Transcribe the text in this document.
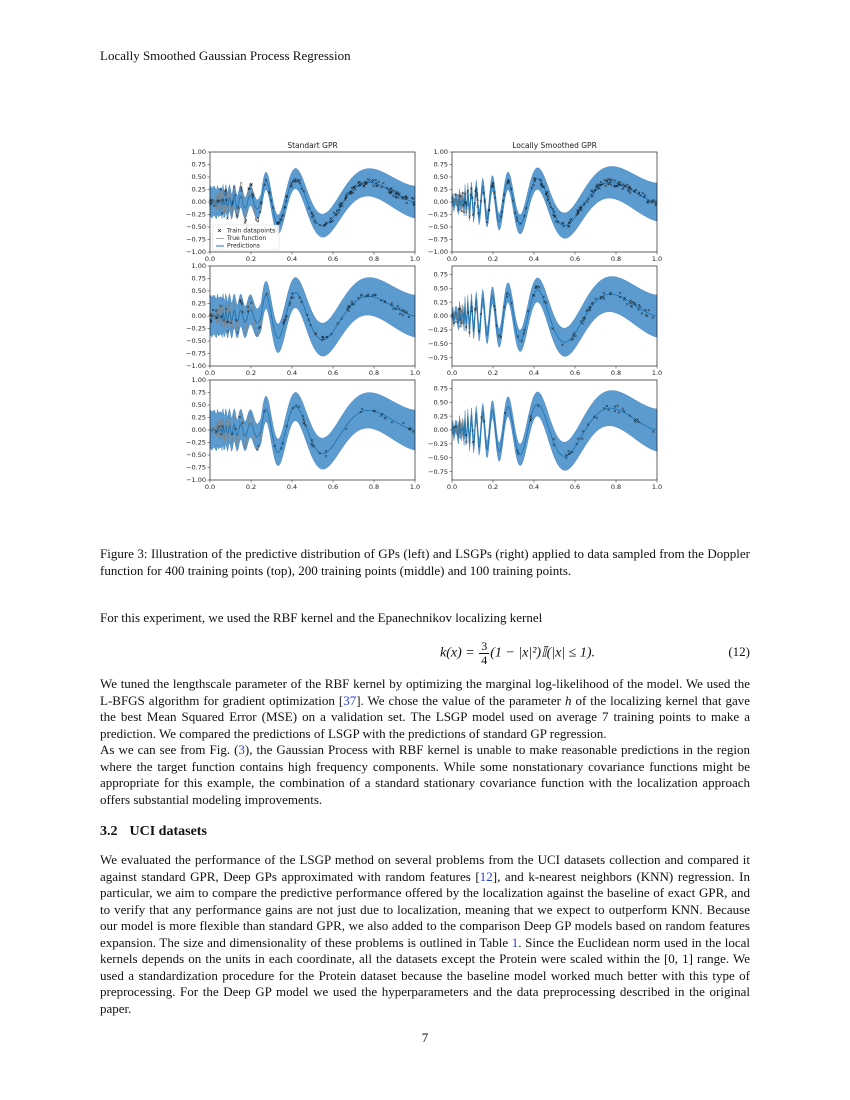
Locally Smoothed Gaussian Process Regression
0.0	0.2	0.4	0.6	0.8	1.0
1.00
0.75
0.50
0.25
0.00
−0.25
−0.50
−0.75
−1.00
Standart GPR
Train datapoints
True function
Predictions
0.0	0.2	0.4	0.6	0.8	1.0
1.00
0.75
0.50
0.25
0.00
−0.25
−0.50
−0.75
−1.00
Locally Smoothed GPR
0.0	0.2	0.4	0.6	0.8	1.0
1.00
0.75
0.50
0.25
0.00
−0.25
−0.50
−0.75
−1.00
0.0	0.2	0.4	0.6	0.8	1.0
0.75
0.50
0.25
0.00
−0.25
−0.50
−0.75
0.0	0.2	0.4	0.6	0.8	1.0
1.00
0.75
0.50
0.25
0.00
−0.25
−0.50
−0.75
−1.00
0.0	0.2	0.4	0.6	0.8	1.0
0.75
0.50
0.25
0.00
−0.25
−0.50
−0.75
Figure 3: Illustration of the predictive distribution of GPs (left) and LSGPs (right) applied to data sampled from the Doppler function for 400 training points (top), 200 training points (middle) and 100 training points.
For this experiment, we used the RBF kernel and the Epanechnikov localizing kernel
$k(x) = \frac{3}{4} (1$ − |x|²)𝕀(|x| ≤ 1).	(12)
We tuned the lengthscale parameter of the RBF kernel by optimizing the marginal log-likelihood of the model. We used the L-BFGS algorithm for gradient optimization [37]. We chose the value of the parameter h of the localizing kernel that gave the best Mean Squared Error (MSE) on a validation set. The LSGP model used on average 7 training points to make a prediction. We compared the predictions of LSGP with the predictions of standard GP regression.
As we can see from Fig. (3), the Gaussian Process with RBF kernel is unable to make reasonable predictions in the region where the target function contains high frequency components. While some nonstationary covariance functions might be appropriate for this example, the combination of a standard stationary covariance function with the localization approach offers substantial modeling improvements.
3.2 UCI datasets
We evaluated the performance of the LSGP method on several problems from the UCI datasets collection and compared it against standard GPR, Deep GPs approximated with random features [12], and k-nearest neighbors (KNN) regression. In particular, we aim to compare the predictive performance offered by the localization against the baseline of exact GPR, and to verify that any performance gains are not just due to localization, meaning that we expect to outperform KNN. Because our model is more flexible than standard GPR, we also added to the comparison Deep GP models based on random features expansion. The size and dimensionality of these problems is outlined in Table 1. Since the Euclidean norm used in the local kernels depends on the units in each coordinate, all the datasets except the Protein were scaled within the [0, 1] range. We used a standardization procedure for the Protein dataset because the baseline model worked much better with this type of preprocessing. For the Deep GP model we used the hyperparameters and the data preprocessing described in the original paper.
7
